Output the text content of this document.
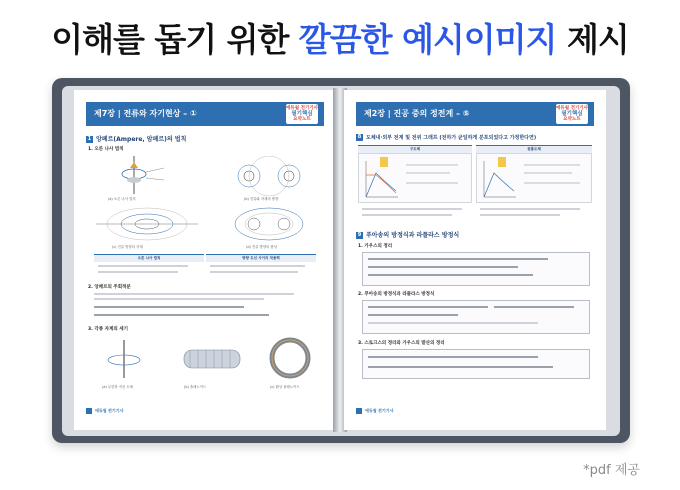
이해를 돕기 위한 깔끔한 예시이미지 제시
제7장 | 전류와 자기현상 – ①
에듀윌 전기기사
필기핵심
요약노트
1 앙페르(Ampere, 암페르)의 법칙
1. 오른 나사 법칙
(a) 오른 나사 법칙	(b) 전류와 자계의 방향
(c) 전류 방향과 자계	(d) 전류 방향의 합성
오른 나사 법칙	방향 도선 사이의 작용력
2. 앙페르의 주회적분
3. 각종 자계의 세기
(a) 무한장 직선 도체	(b) 솔레노이드	(c) 환상 솔레노이드
에듀윌 전기기사
제2장 | 진공 중의 정전계 – ⑤
에듀윌 전기기사
필기핵심
요약노트
8 도체내·외부 전계 및 전위 그래프 (전하가 균일하게 분포되었다고 가정한다면)
구도체	원통도체
9 푸아송의 방정식과 라플라스 방정식
1. 가우스의 정리
2. 푸아송의 방정식과 라플라스 방정식
3. 스토크스의 정리와 가우스의 발산의 정리
에듀윌 전기기사
*pdf 제공
